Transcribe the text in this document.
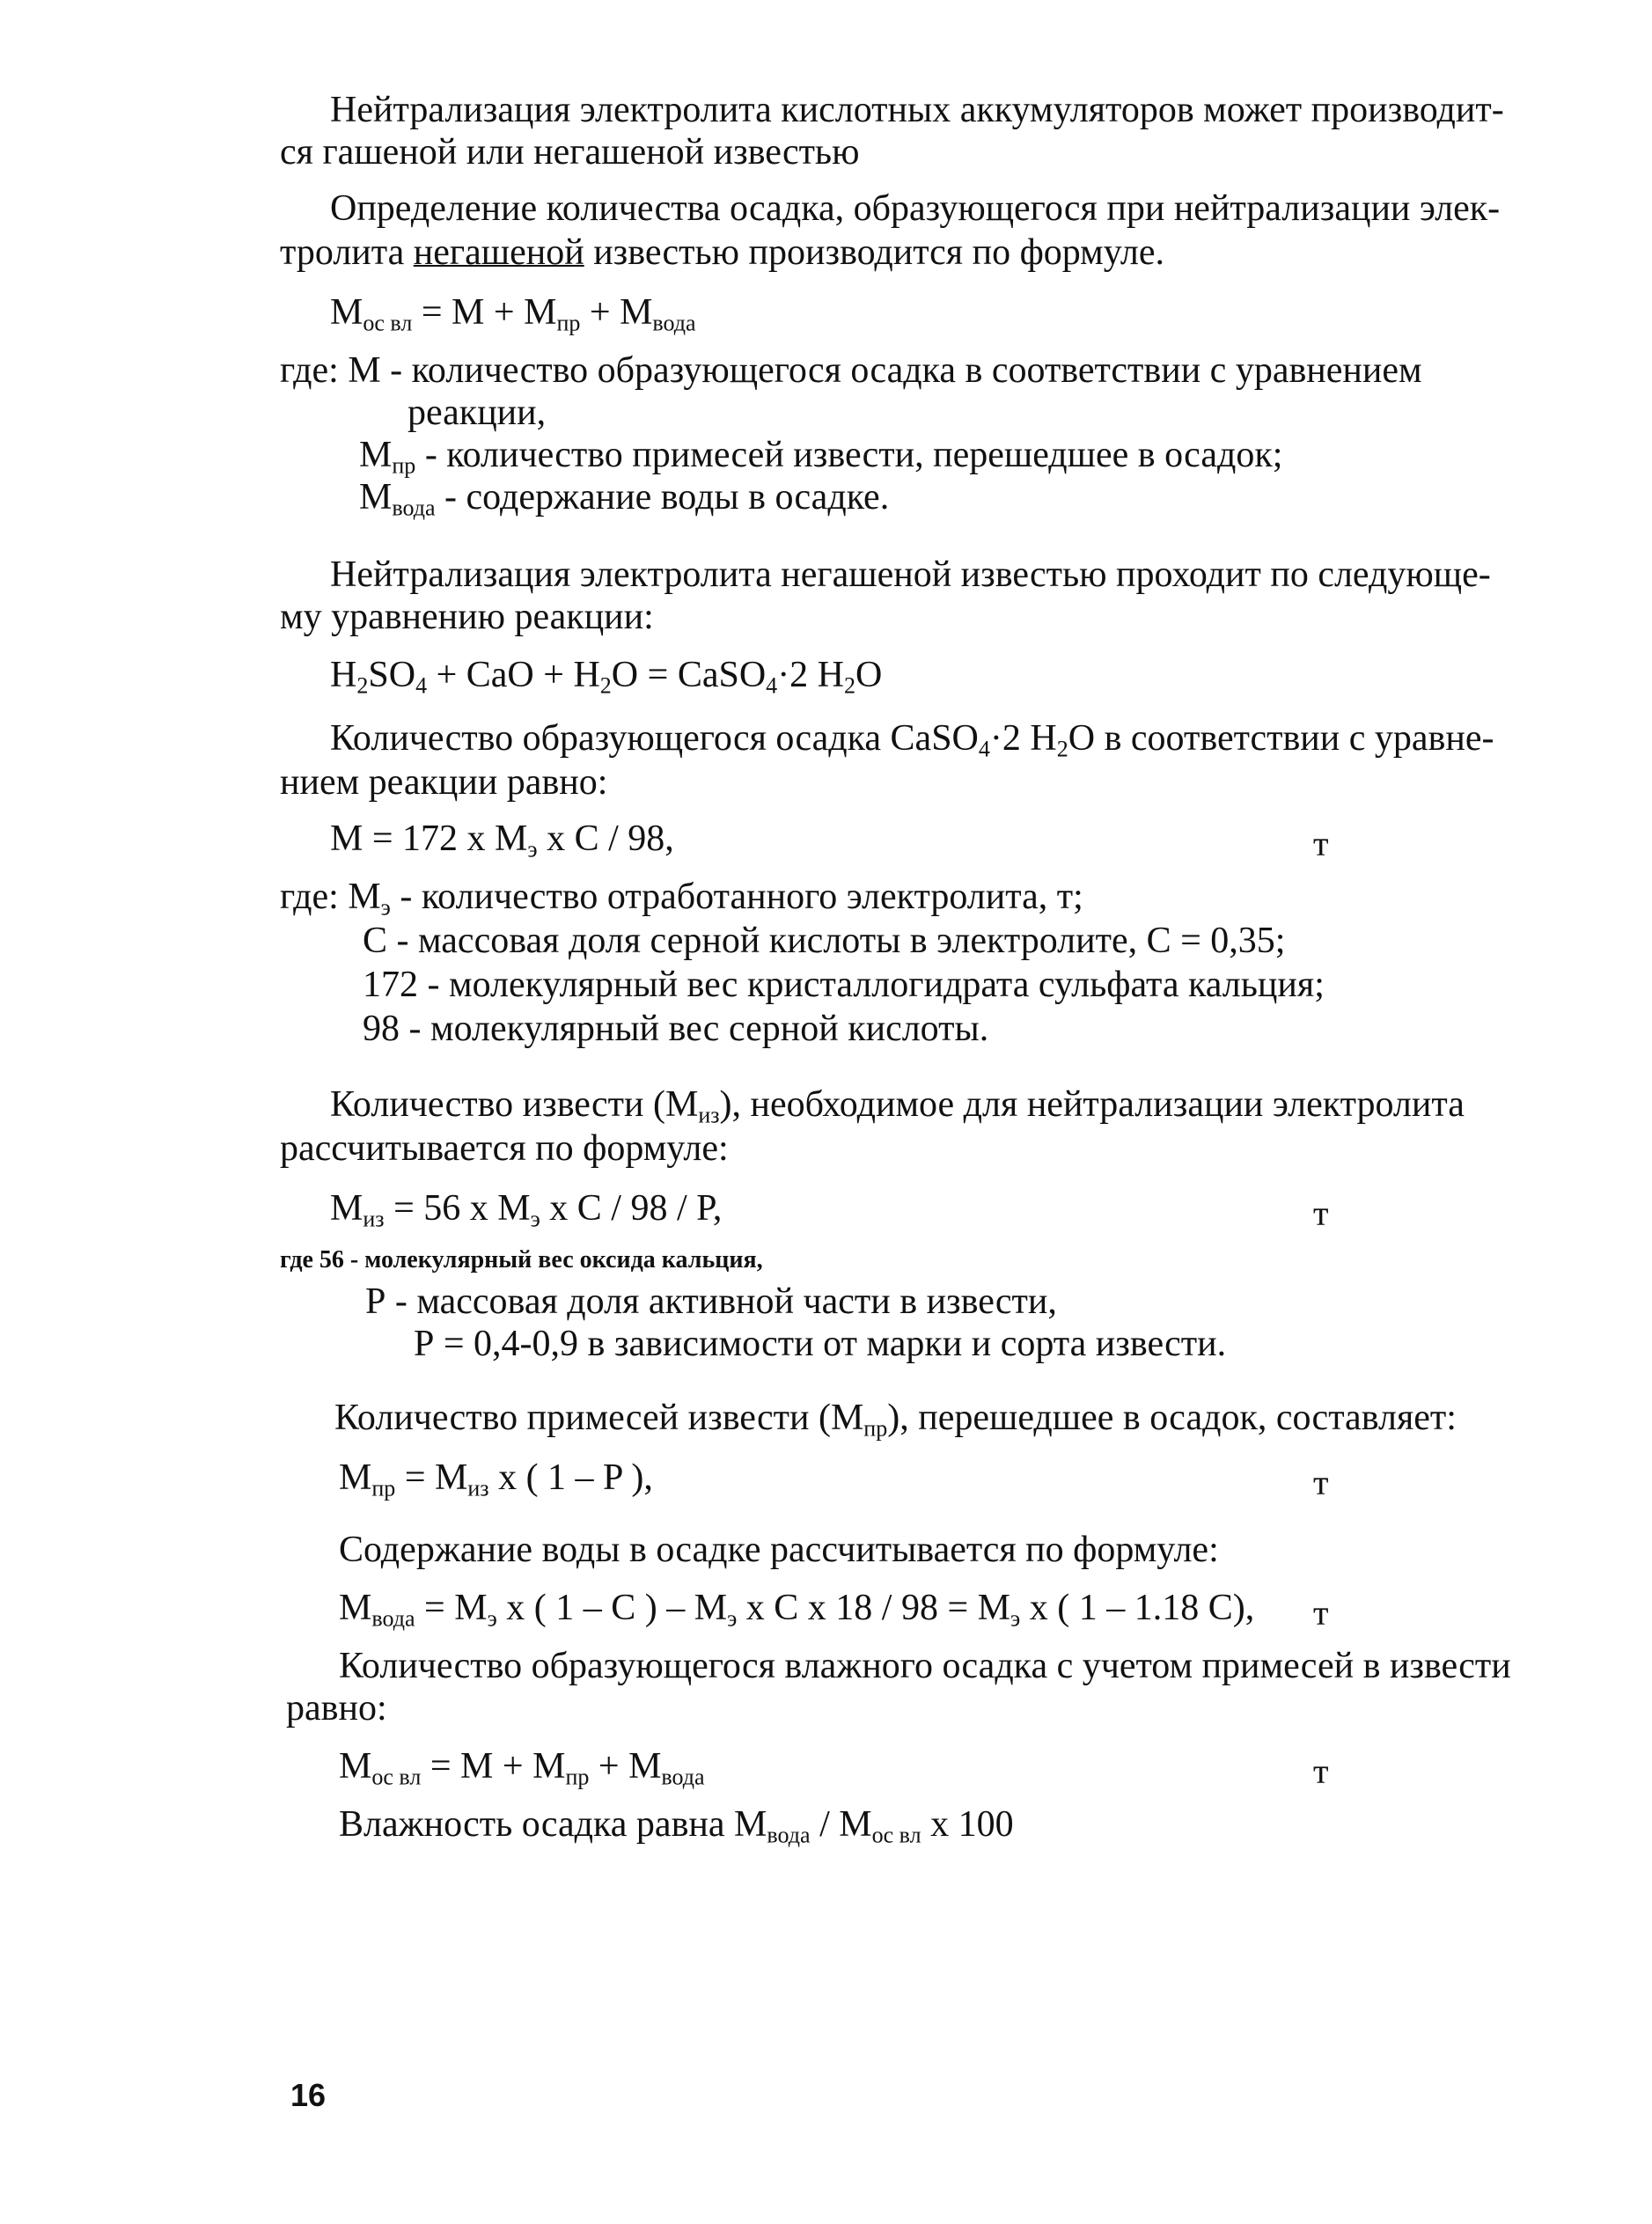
Нейтрализация электролита кислотных аккумуляторов может производит-

ся гашеной или негашеной известью

Определение количества осадка, образующегося при нейтрализации элек-

тролита негашеной известью производится по формуле.

$M_{oc вл} = M + M_{пр} + M_{вода}$

где: М - количество образующегося осадка в соответствии с уравнением

реакции,

$M_{пр}$ - количество примесей извести, перешедшее в осадок;

$M_{вода}$ - содержание воды в осадке.

Нейтрализация электролита негашеной известью проходит по следующе-

му уравнению реакции:

$H_2SO_4$ + CaO + $H_2O$ = CaSO$_4$·2 $H_2O$

Количество образующегося осадка CaSO$_4$·2 $H_2O$ в соответствии с уравне-

нием реакции равно:

M = 172 x $M_э$ x C / 98,	т

где: $M_э$ - количество отработанного электролита, т;

C - массовая доля серной кислоты в электролите, С = 0,35;

172 - молекулярный вес кристаллогидрата сульфата кальция;

98 - молекулярный вес серной кислоты.

Количество извести $(M_{из})$, необходимое для нейтрализации электролита

рассчитывается по формуле:

$M_{из} = 56$ x $M_э$ x C / 98 / P,	т

где 56 - молекулярный вес оксида кальция,

Р - массовая доля активной части в извести,

Р = 0,4-0,9 в зависимости от марки и сорта извести.

Количество примесей извести $(M_{пр})$, перешедшее в осадок, составляет:

$M_{пр} = M_{из}$ x ( 1 – P ),	т

Содержание воды в осадке рассчитывается по формуле:

$M_{вода} = M_э$ x ( 1 – C ) – $M_э$ x C x $18 / 98 = M_э$ x ( 1 – 1.18 C), т

Количество образующегося влажного осадка с учетом примесей в извести

равно:

$M_{oc вл} = M + M_{пр} + M_{вода}$	т

Влажность осадка равна $M_{вода} / M_{oc вл}$ x 100

16
